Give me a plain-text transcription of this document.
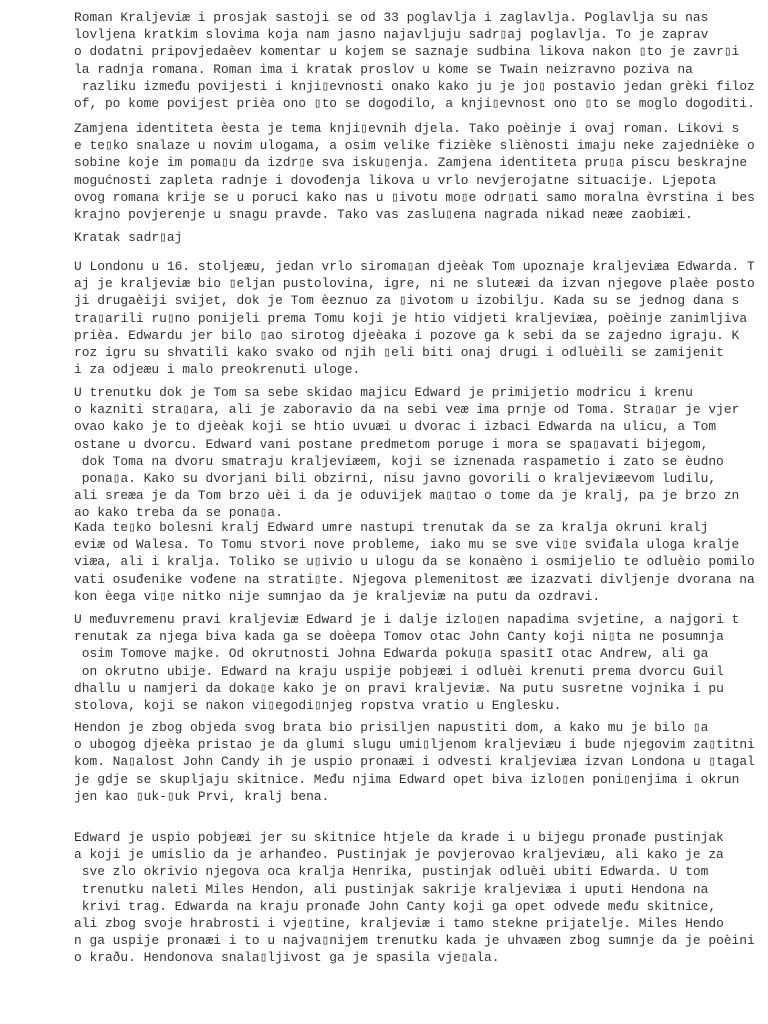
Roman Kraljeviæ i prosjak sastoji se od 33 poglavlja i zaglavlja. Poglavlja su nas
lovljena kratkim slovima koja nam jasno najavljuju sadr▯aj poglavlja. To je zaprav
o dodatni pripovjedaèev komentar u kojem se saznaje sudbina likova nakon ▯to je zavr▯i
la radnja romana. Roman ima i kratak proslov u kome se Twain neizravno poziva na
razliku između povijesti i knji▯evnosti onako kako ju je jo▯ postavio jedan grèki filoz
of, po kome povijest prièa ono ▯to se dogodilo, a knji▯evnost ono ▯to se moglo dogoditi.
Zamjena identiteta èesta je tema knji▯evnih djela. Tako poèinje i ovaj roman. Likovi s
e te▯ko snalaze u novim ulogama, a osim velike fizièke sliènosti imaju neke zajednièke o
sobine koje im poma▯u da izdr▯e sva isku▯enja. Zamjena identiteta pru▯a piscu beskrajne
mogućnosti zapleta radnje i dovođenja likova u vrlo nevjerojatne situacije. Ljepota
ovog romana krije se u poruci kako nas u ▯ivotu mo▯e odr▯ati samo moralna èvrstina i bes
krajno povjerenje u snagu pravde. Tako vas zaslu▯ena nagrada nikad neæe zaobiæi.
Kratak sadr▯aj
U Londonu u 16. stoljeæu, jedan vrlo siroma▯an djeèak Tom upoznaje kraljeviæa Edwarda. T
aj je kraljeviæ bio ▯eljan pustolovina, igre, ni ne sluteæi da izvan njegove plaèe posto
ji drugaèiji svijet, dok je Tom èeznuo za ▯ivotom u izobilju. Kada su se jednog dana s
tra▯arili ru▯no ponijeli prema Tomu koji je htio vidjeti kraljeviæa, poèinje zanimljiva
prièa. Edwardu jer bilo ▯ao sirotog djeèaka i pozove ga k sebi da se zajedno igraju. K
roz igru su shvatili kako svako od njih ▯eli biti onaj drugi i odluèili se zamijenit
i za odjeæu i malo preokrenuti uloge.
U trenutku dok je Tom sa sebe skidao majicu Edward je primijetio modricu i krenu
o kazniti stra▯ara, ali je zaboravio da na sebi veæ ima prnje od Toma. Stra▯ar je vjer
ovao kako je to djeèak koji se htio uvuæi u dvorac i izbaci Edwarda na ulicu, a Tom
ostane u dvorcu. Edward vani postane predmetom poruge i mora se spa▯avati bijegom,
dok Toma na dvoru smatraju kraljeviæem, koji se iznenada raspametio i zato se èudno
pona▯a. Kako su dvorjani bili obzirni, nisu javno govorili o kraljeviæevom ludilu,
ali sreæa je da Tom brzo uèi i da je oduvijek ma▯tao o tome da je kralj, pa je brzo zn
ao kako treba da se pona▯a.
Kada te▯ko bolesni kralj Edward umre nastupi trenutak da se za kralja okruni kralj
eviæ od Walesa. To Tomu stvori nove probleme, iako mu se sve vi▯e sviđala uloga kralje
viæa, ali i kralja. Toliko se u▯ivio u ulogu da se konaèno i osmijelio te odluèio pomilo
vati osuđenike vođene na strati▯te. Njegova plemenitost æe izazvati divljenje dvorana na
kon èega vi▯e nitko nije sumnjao da je kraljeviæ na putu da ozdravi.
U međuvremenu pravi kraljeviæ Edward je i dalje izlo▯en napadima svjetine, a najgori t
renutak za njega biva kada ga se doèepa Tomov otac John Canty koji ni▯ta ne posumnja
osim Tomove majke. Od okrutnosti Johna Edwarda poku▯a spasitI otac Andrew, ali ga
on okrutno ubije. Edward na kraju uspije pobjeæi i odluèi krenuti prema dvorcu Guil
dhallu u namjeri da doka▯e kako je on pravi kraljeviæ. Na putu susretne vojnika i pu
stolova, koji se nakon vi▯egodi▯njeg ropstva vratio u Englesku.
Hendon je zbog objeda svog brata bio prisiljen napustiti dom, a kako mu je bilo ▯a
o ubogog djeèka pristao je da glumi slugu umi▯ljenom kraljeviæu i bude njegovim za▯titni
kom. Na▯alost John Candy ih je uspio pronaæi i odvesti kraljeviæa izvan Londona u ▯tagal
je gdje se skupljaju skitnice. Među njima Edward opet biva izlo▯en poni▯enjima i okrun
jen kao ▯uk-▯uk Prvi, kralj bena.
Edward je uspio pobjeæi jer su skitnice htjele da krade i u bijegu pronađe pustinjak
a koji je umislio da je arhanđeo. Pustinjak je povjerovao kraljeviæu, ali kako je za
sve zlo okrivio njegova oca kralja Henrika, pustinjak odluèi ubiti Edwarda. U tom
trenutku naleti Miles Hendon, ali pustinjak sakrije kraljeviæa i uputi Hendona na
krivi trag. Edwarda na kraju pronađe John Canty koji ga opet odvede među skitnice,
ali zbog svoje hrabrosti i vje▯tine, kraljeviæ i tamo stekne prijatelje. Miles Hendo
n ga uspije pronaæi i to u najva▯nijem trenutku kada je uhvaæen zbog sumnje da je poèini
o kraðu. Hendonova snala▯ljivost ga je spasila vje▯ala.
